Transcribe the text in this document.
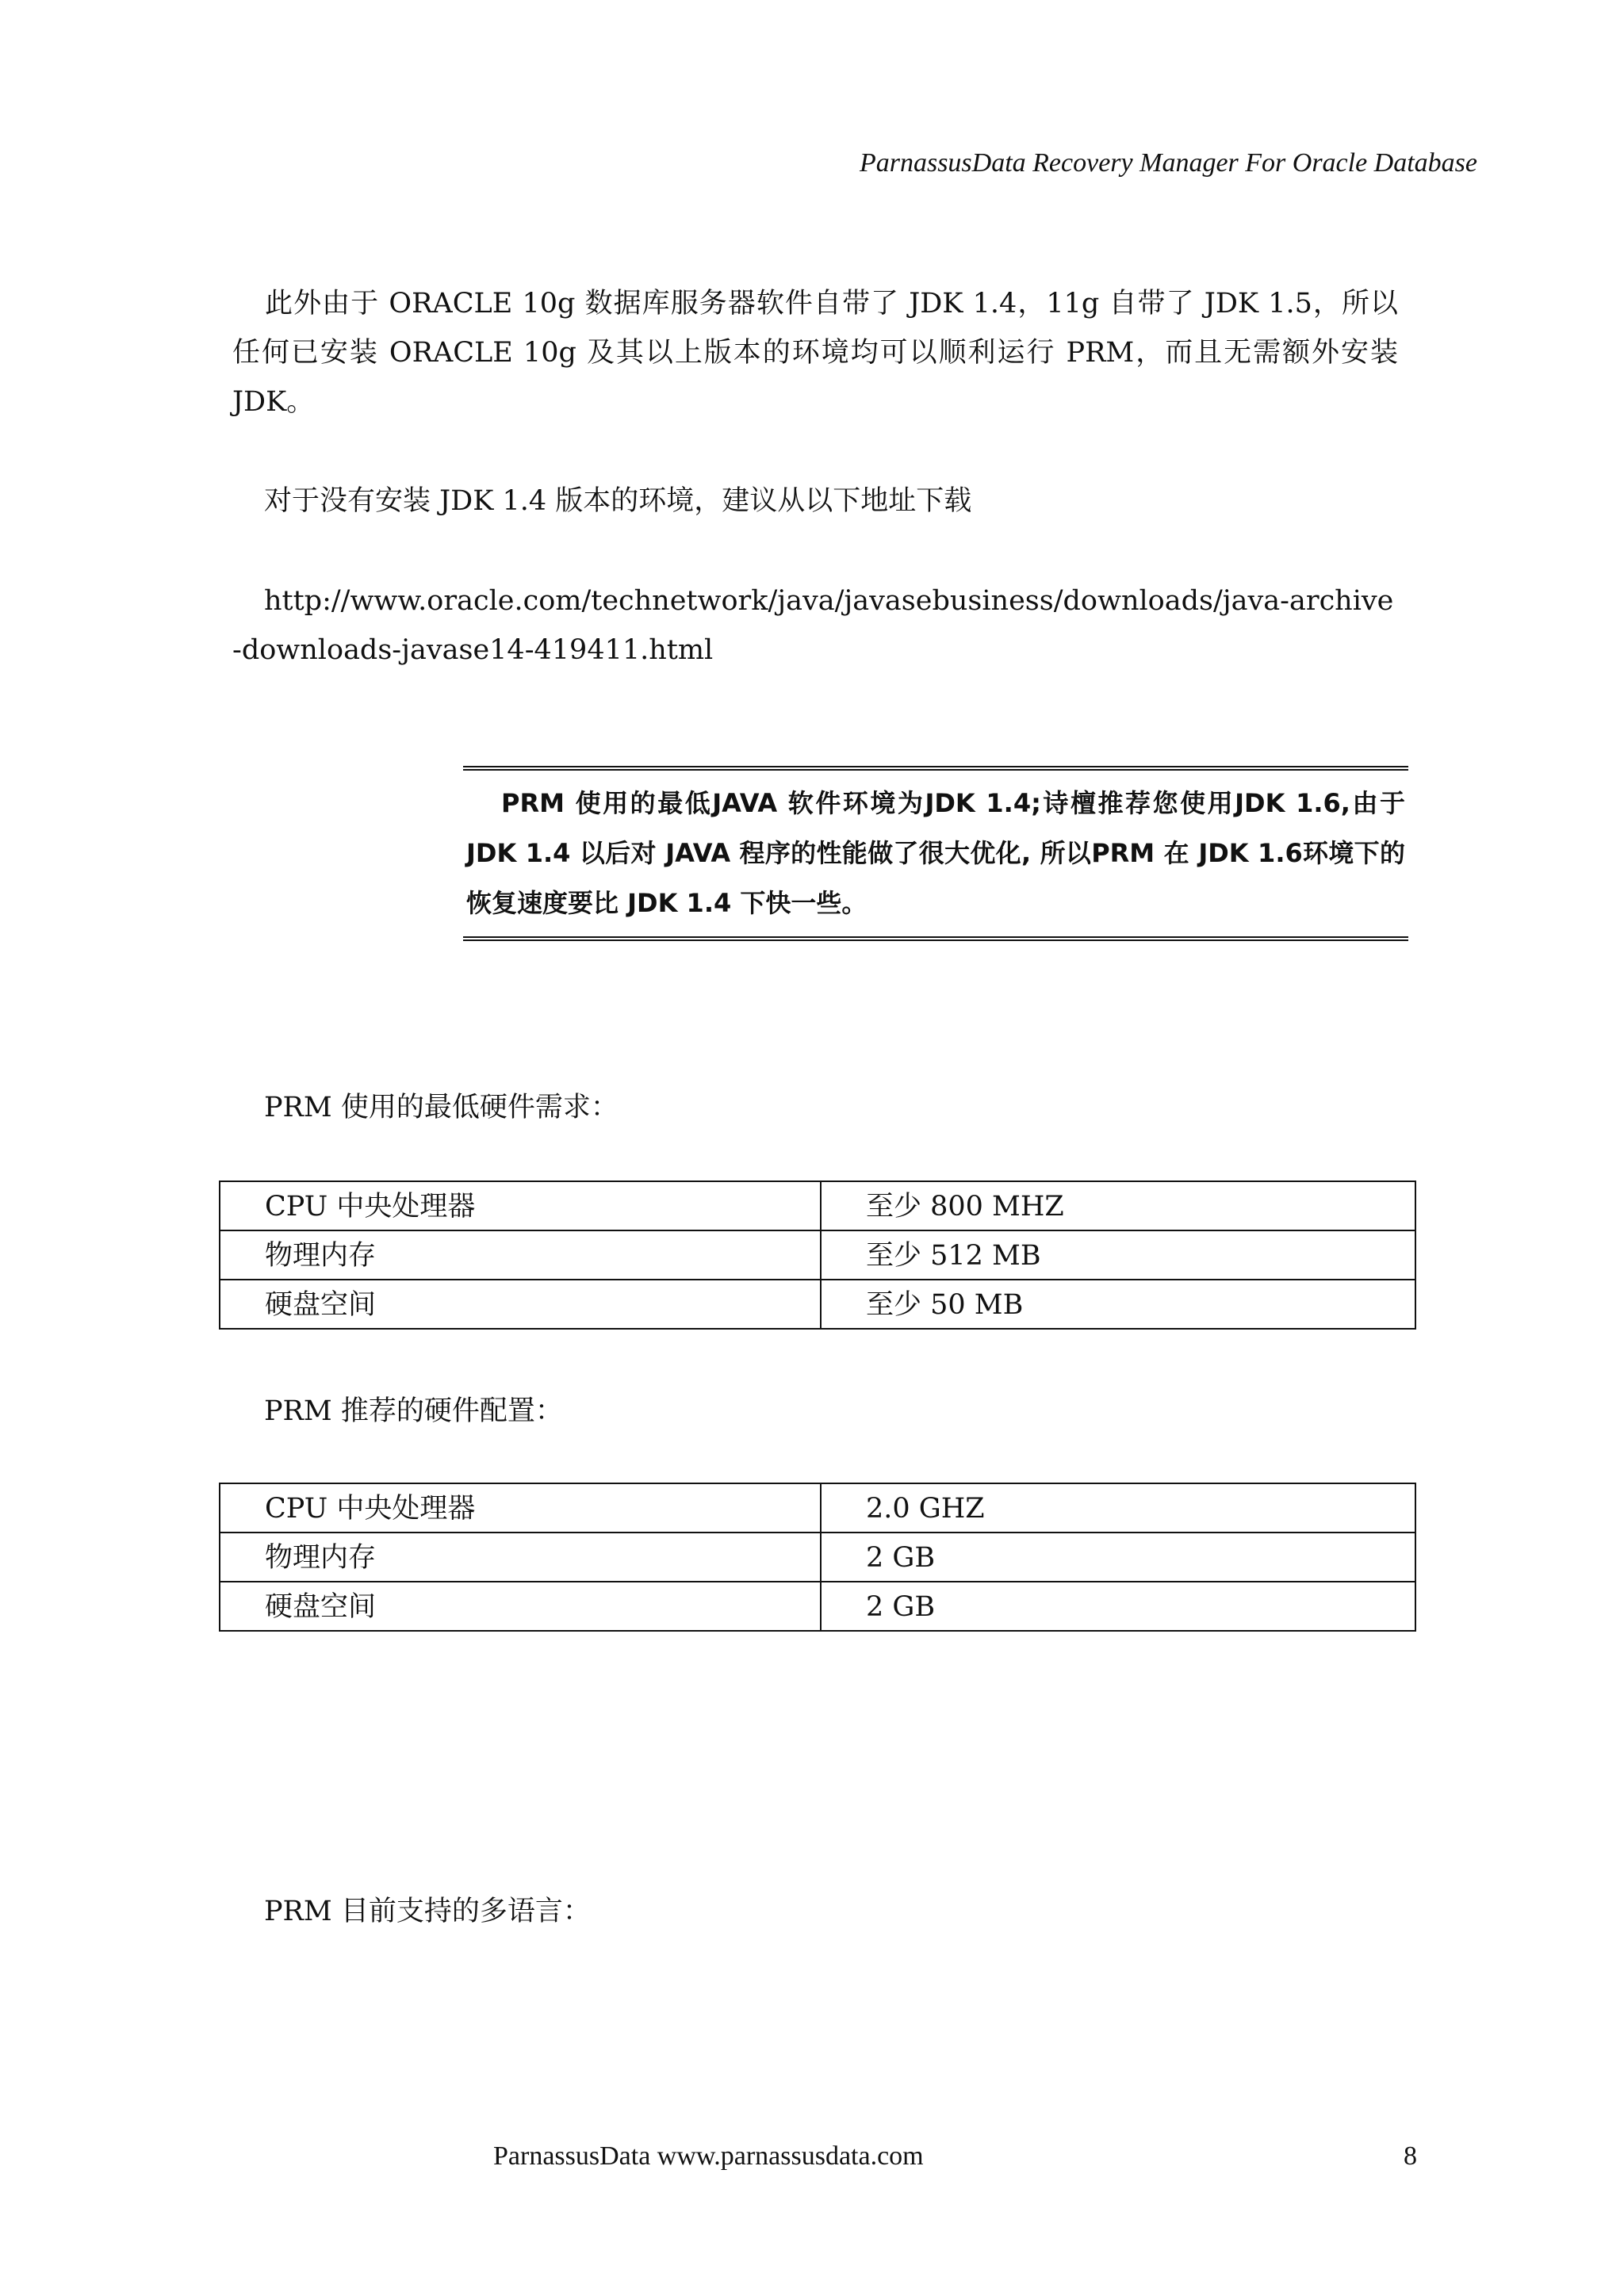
ParnassusData Recovery Manager For Oracle Database

此外由于 ORACLE 10g 数据库服务器软件自带了 JDK 1.4，11g 自带了 JDK 1.5，所以任何已安装 ORACLE 10g 及其以上版本的环境均可以顺利运行 PRM，而且无需额外安装 JDK。

对于没有安装 JDK 1.4 版本的环境，建议从以下地址下载

http://www.oracle.com/technetwork/java/javasebusiness/downloads/java-archive-downloads-javase14-419411.html

PRM 使用的最低JAVA 软件环境为JDK 1.4;诗檀推荐您使用JDK 1.6,由于JDK 1.4 以后对 JAVA 程序的性能做了很大优化, 所以PRM 在 JDK 1.6环境下的恢复速度要比 JDK 1.4 下快一些。

PRM 使用的最低硬件需求：

CPU 中央处理器	至少 800 MHZ
物理内存	至少 512 MB
硬盘空间	至少 50 MB

PRM 推荐的硬件配置：

CPU 中央处理器	2.0 GHZ
物理内存	2 GB
硬盘空间	2 GB

PRM 目前支持的多语言：

ParnassusData www.parnassusdata.com	8
